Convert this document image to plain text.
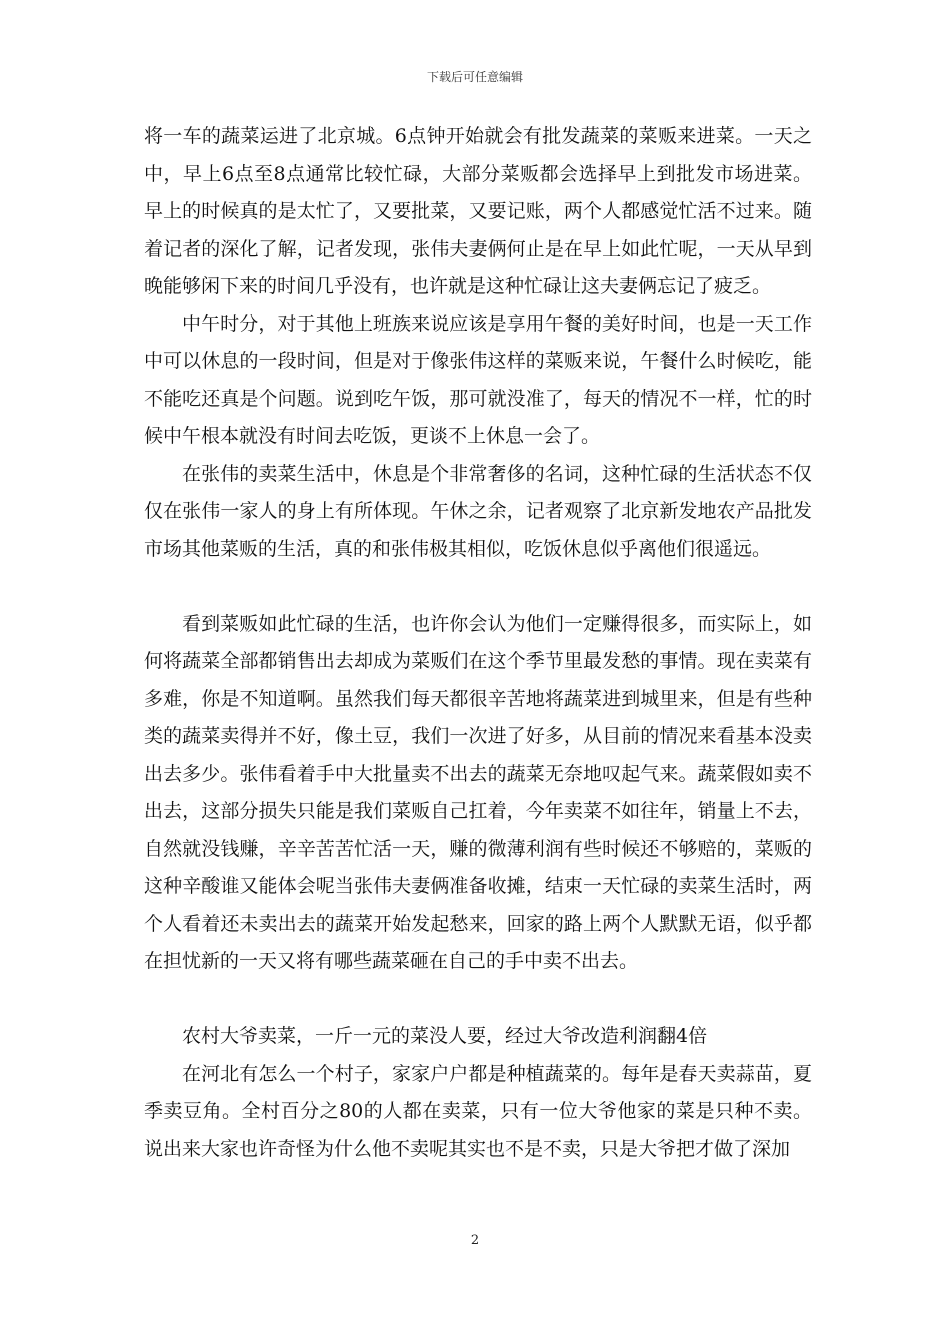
下载后可任意编辑

将一车的蔬菜运进了北京城。6点钟开始就会有批发蔬菜的菜贩来进菜。一天之中，早上6点至8点通常比较忙碌，大部分菜贩都会选择早上到批发市场进菜。早上的时候真的是太忙了，又要批菜，又要记账，两个人都感觉忙活不过来。随着记者的深化了解，记者发现，张伟夫妻俩何止是在早上如此忙呢，一天从早到晚能够闲下来的时间几乎没有，也许就是这种忙碌让这夫妻俩忘记了疲乏。

中午时分，对于其他上班族来说应该是享用午餐的美好时间，也是一天工作中可以休息的一段时间，但是对于像张伟这样的菜贩来说，午餐什么时候吃，能不能吃还真是个问题。说到吃午饭，那可就没准了，每天的情况不一样，忙的时候中午根本就没有时间去吃饭，更谈不上休息一会了。

在张伟的卖菜生活中，休息是个非常奢侈的名词，这种忙碌的生活状态不仅仅在张伟一家人的身上有所体现。午休之余，记者观察了北京新发地农产品批发市场其他菜贩的生活，真的和张伟极其相似，吃饭休息似乎离他们很遥远。

看到菜贩如此忙碌的生活，也许你会认为他们一定赚得很多，而实际上，如何将蔬菜全部都销售出去却成为菜贩们在这个季节里最发愁的事情。现在卖菜有多难，你是不知道啊。虽然我们每天都很辛苦地将蔬菜进到城里来，但是有些种类的蔬菜卖得并不好，像土豆，我们一次进了好多，从目前的情况来看基本没卖出去多少。张伟看着手中大批量卖不出去的蔬菜无奈地叹起气来。蔬菜假如卖不出去，这部分损失只能是我们菜贩自己扛着，今年卖菜不如往年，销量上不去，自然就没钱赚，辛辛苦苦忙活一天，赚的微薄利润有些时候还不够赔的，菜贩的这种辛酸谁又能体会呢当张伟夫妻俩准备收摊，结束一天忙碌的卖菜生活时，两个人看着还未卖出去的蔬菜开始发起愁来，回家的路上两个人默默无语，似乎都在担忧新的一天又将有哪些蔬菜砸在自己的手中卖不出去。

农村大爷卖菜，一斤一元的菜没人要，经过大爷改造利润翻4倍

在河北有怎么一个村子，家家户户都是种植蔬菜的。每年是春天卖蒜苗，夏季卖豆角。全村百分之80的人都在卖菜，只有一位大爷他家的菜是只种不卖。说出来大家也许奇怪为什么他不卖呢其实也不是不卖，只是大爷把才做了深加

2
